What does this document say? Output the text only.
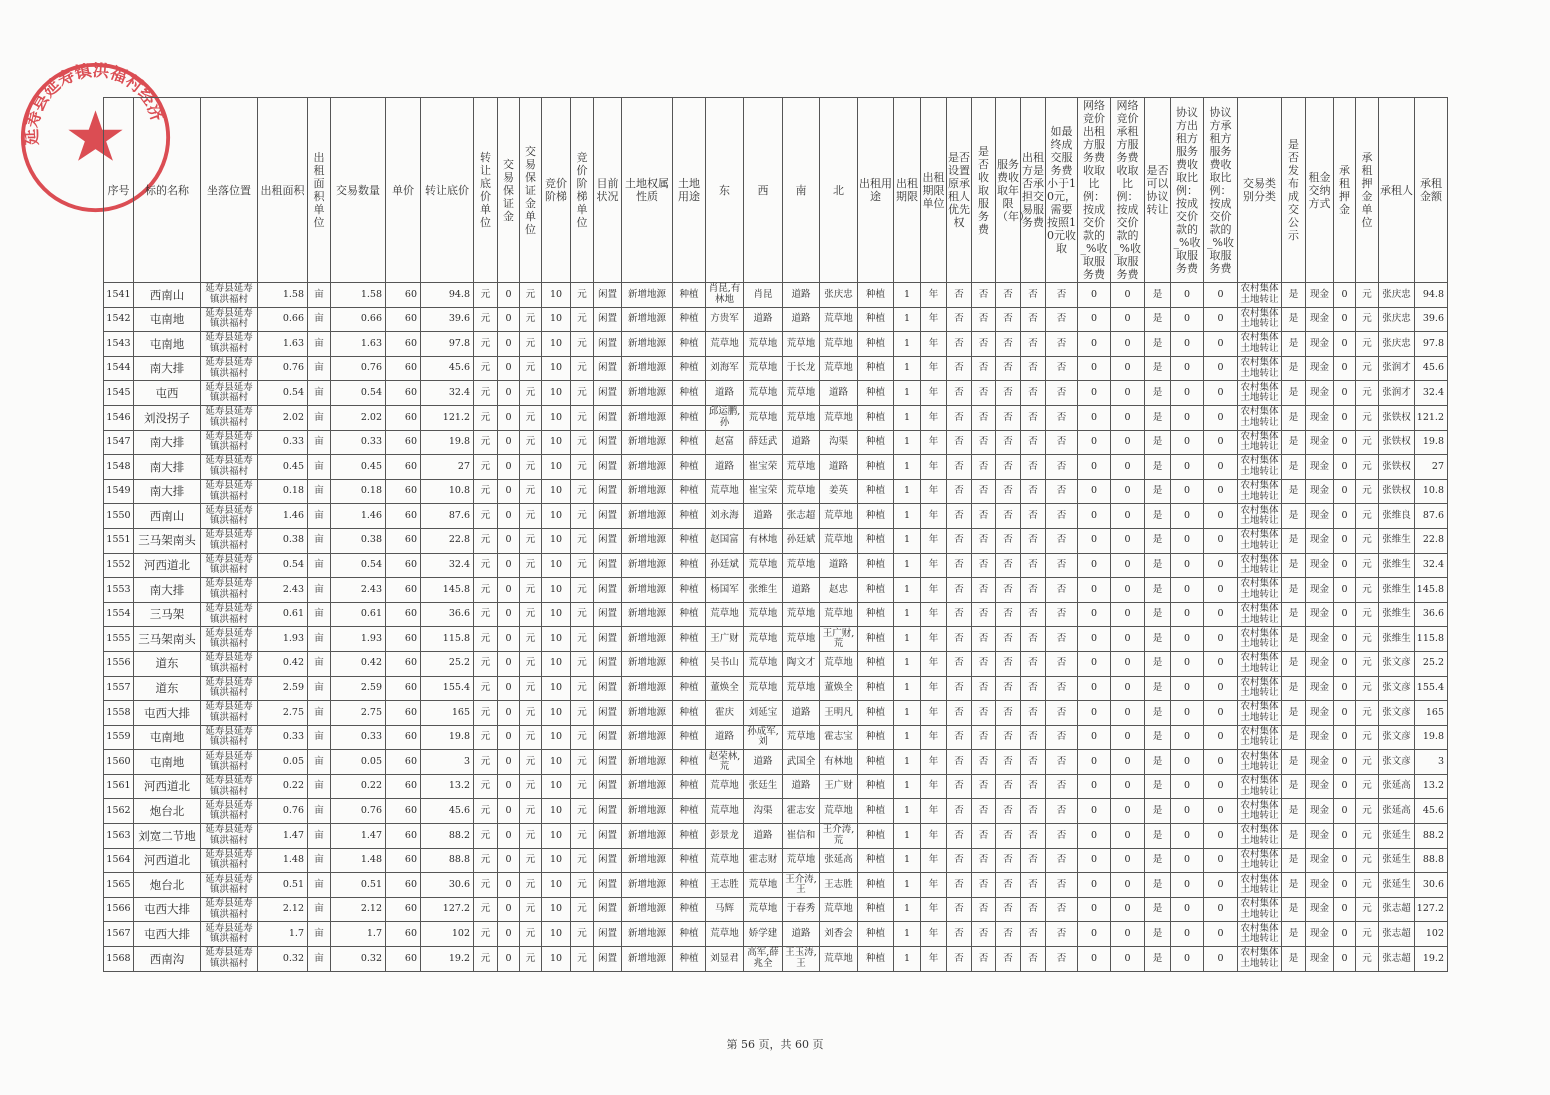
延寿县延寿镇洪福村经济
序号	标的名称	坐落位置	出租面积	出租面积单位	交易数量	单价	转让底价	转让底价单位	交易保证金	交易保证金单位	竞价阶梯	竞价阶梯单位	目前状况	土地权属性质	土地用途	东	西	南	北	出租用途	出租期限	出租期限单位	是否设置原承租人优先权	是否收取服务费	服务费收取年限（年）	出租方是否承担交易服务费	如最终成交服务费小于10元，需要按照10元收取	网络竞价出租方服务费收取比例：按成交价款的_%收取服务费	网络竞价承租方服务费收取比例：按成交价款的_%收取服务费	是否可以协议转让	协议方出租方服务费收取比例：按成交价款的_%收取服务费	协议方承租方服务费收取比例：按成交价款的_%收取服务费	交易类别分类	是否发布成交公示	租金交纳方式	承租押金	承租押金单位	承租人	承租金额
1541	西南山	延寿县延寿镇洪福村	1.58	亩	1.58	60	94.8	元	0	元	10	元	闲置	新增地源	种植	肖昆,有林地	肖昆	道路	张庆忠	种植	1	年	否	否	否	否	否	0	0	是	0	0	农村集体土地转让	是	现金	0	元	张庆忠	94.8
1542	屯南地	延寿县延寿镇洪福村	0.66	亩	0.66	60	39.6	元	0	元	10	元	闲置	新增地源	种植	方贵军	道路	道路	荒草地	种植	1	年	否	否	否	否	否	0	0	是	0	0	农村集体土地转让	是	现金	0	元	张庆忠	39.6
1543	屯南地	延寿县延寿镇洪福村	1.63	亩	1.63	60	97.8	元	0	元	10	元	闲置	新增地源	种植	荒草地	荒草地	荒草地	荒草地	种植	1	年	否	否	否	否	否	0	0	是	0	0	农村集体土地转让	是	现金	0	元	张庆忠	97.8
1544	南大排	延寿县延寿镇洪福村	0.76	亩	0.76	60	45.6	元	0	元	10	元	闲置	新增地源	种植	刘海军	荒草地	于长龙	荒草地	种植	1	年	否	否	否	否	否	0	0	是	0	0	农村集体土地转让	是	现金	0	元	张润才	45.6
1545	屯西	延寿县延寿镇洪福村	0.54	亩	0.54	60	32.4	元	0	元	10	元	闲置	新增地源	种植	道路	荒草地	荒草地	道路	种植	1	年	否	否	否	否	否	0	0	是	0	0	农村集体土地转让	是	现金	0	元	张润才	32.4
1546	刘没拐子	延寿县延寿镇洪福村	2.02	亩	2.02	60	121.2	元	0	元	10	元	闲置	新增地源	种植	邱运鹏,孙	荒草地	荒草地	荒草地	种植	1	年	否	否	否	否	否	0	0	是	0	0	农村集体土地转让	是	现金	0	元	张铁权	121.2
1547	南大排	延寿县延寿镇洪福村	0.33	亩	0.33	60	19.8	元	0	元	10	元	闲置	新增地源	种植	赵富	薛廷武	道路	沟渠	种植	1	年	否	否	否	否	否	0	0	是	0	0	农村集体土地转让	是	现金	0	元	张铁权	19.8
1548	南大排	延寿县延寿镇洪福村	0.45	亩	0.45	60	27	元	0	元	10	元	闲置	新增地源	种植	道路	崔宝荣	荒草地	道路	种植	1	年	否	否	否	否	否	0	0	是	0	0	农村集体土地转让	是	现金	0	元	张铁权	27
1549	南大排	延寿县延寿镇洪福村	0.18	亩	0.18	60	10.8	元	0	元	10	元	闲置	新增地源	种植	荒草地	崔宝荣	荒草地	姜英	种植	1	年	否	否	否	否	否	0	0	是	0	0	农村集体土地转让	是	现金	0	元	张铁权	10.8
1550	西南山	延寿县延寿镇洪福村	1.46	亩	1.46	60	87.6	元	0	元	10	元	闲置	新增地源	种植	刘永海	道路	张志超	荒草地	种植	1	年	否	否	否	否	否	0	0	是	0	0	农村集体土地转让	是	现金	0	元	张维良	87.6
1551	三马架南头	延寿县延寿镇洪福村	0.38	亩	0.38	60	22.8	元	0	元	10	元	闲置	新增地源	种植	赵国富	有林地	孙廷斌	荒草地	种植	1	年	否	否	否	否	否	0	0	是	0	0	农村集体土地转让	是	现金	0	元	张维生	22.8
1552	河西道北	延寿县延寿镇洪福村	0.54	亩	0.54	60	32.4	元	0	元	10	元	闲置	新增地源	种植	孙廷斌	荒草地	荒草地	道路	种植	1	年	否	否	否	否	否	0	0	是	0	0	农村集体土地转让	是	现金	0	元	张维生	32.4
1553	南大排	延寿县延寿镇洪福村	2.43	亩	2.43	60	145.8	元	0	元	10	元	闲置	新增地源	种植	杨国军	张维生	道路	赵忠	种植	1	年	否	否	否	否	否	0	0	是	0	0	农村集体土地转让	是	现金	0	元	张维生	145.8
1554	三马架	延寿县延寿镇洪福村	0.61	亩	0.61	60	36.6	元	0	元	10	元	闲置	新增地源	种植	荒草地	荒草地	荒草地	荒草地	种植	1	年	否	否	否	否	否	0	0	是	0	0	农村集体土地转让	是	现金	0	元	张维生	36.6
1555	三马架南头	延寿县延寿镇洪福村	1.93	亩	1.93	60	115.8	元	0	元	10	元	闲置	新增地源	种植	王广财	荒草地	荒草地	王广财,荒	种植	1	年	否	否	否	否	否	0	0	是	0	0	农村集体土地转让	是	现金	0	元	张维生	115.8
1556	道东	延寿县延寿镇洪福村	0.42	亩	0.42	60	25.2	元	0	元	10	元	闲置	新增地源	种植	吴书山	荒草地	陶文才	荒草地	种植	1	年	否	否	否	否	否	0	0	是	0	0	农村集体土地转让	是	现金	0	元	张文彦	25.2
1557	道东	延寿县延寿镇洪福村	2.59	亩	2.59	60	155.4	元	0	元	10	元	闲置	新增地源	种植	董焕全	荒草地	荒草地	董焕全	种植	1	年	否	否	否	否	否	0	0	是	0	0	农村集体土地转让	是	现金	0	元	张文彦	155.4
1558	屯西大排	延寿县延寿镇洪福村	2.75	亩	2.75	60	165	元	0	元	10	元	闲置	新增地源	种植	霍庆	刘延宝	道路	王明凡	种植	1	年	否	否	否	否	否	0	0	是	0	0	农村集体土地转让	是	现金	0	元	张文彦	165
1559	屯南地	延寿县延寿镇洪福村	0.33	亩	0.33	60	19.8	元	0	元	10	元	闲置	新增地源	种植	道路	孙成军,刘	荒草地	霍志宝	种植	1	年	否	否	否	否	否	0	0	是	0	0	农村集体土地转让	是	现金	0	元	张文彦	19.8
1560	屯南地	延寿县延寿镇洪福村	0.05	亩	0.05	60	3	元	0	元	10	元	闲置	新增地源	种植	赵荣林,荒	道路	武国全	有林地	种植	1	年	否	否	否	否	否	0	0	是	0	0	农村集体土地转让	是	现金	0	元	张文彦	3
1561	河西道北	延寿县延寿镇洪福村	0.22	亩	0.22	60	13.2	元	0	元	10	元	闲置	新增地源	种植	荒草地	张廷生	道路	王广财	种植	1	年	否	否	否	否	否	0	0	是	0	0	农村集体土地转让	是	现金	0	元	张延高	13.2
1562	炮台北	延寿县延寿镇洪福村	0.76	亩	0.76	60	45.6	元	0	元	10	元	闲置	新增地源	种植	荒草地	沟渠	霍志安	荒草地	种植	1	年	否	否	否	否	否	0	0	是	0	0	农村集体土地转让	是	现金	0	元	张延高	45.6
1563	刘宽二节地	延寿县延寿镇洪福村	1.47	亩	1.47	60	88.2	元	0	元	10	元	闲置	新增地源	种植	彭景龙	道路	崔信和	王介涛,荒	种植	1	年	否	否	否	否	否	0	0	是	0	0	农村集体土地转让	是	现金	0	元	张延生	88.2
1564	河西道北	延寿县延寿镇洪福村	1.48	亩	1.48	60	88.8	元	0	元	10	元	闲置	新增地源	种植	荒草地	霍志财	荒草地	张延高	种植	1	年	否	否	否	否	否	0	0	是	0	0	农村集体土地转让	是	现金	0	元	张延生	88.8
1565	炮台北	延寿县延寿镇洪福村	0.51	亩	0.51	60	30.6	元	0	元	10	元	闲置	新增地源	种植	王志胜	荒草地	王介涛,王	王志胜	种植	1	年	否	否	否	否	否	0	0	是	0	0	农村集体土地转让	是	现金	0	元	张延生	30.6
1566	屯西大排	延寿县延寿镇洪福村	2.12	亩	2.12	60	127.2	元	0	元	10	元	闲置	新增地源	种植	马辉	荒草地	于春秀	荒草地	种植	1	年	否	否	否	否	否	0	0	是	0	0	农村集体土地转让	是	现金	0	元	张志超	127.2
1567	屯西大排	延寿县延寿镇洪福村	1.7	亩	1.7	60	102	元	0	元	10	元	闲置	新增地源	种植	荒草地	娇学建	道路	刘香会	种植	1	年	否	否	否	否	否	0	0	是	0	0	农村集体土地转让	是	现金	0	元	张志超	102
1568	西南沟	延寿县延寿镇洪福村	0.32	亩	0.32	60	19.2	元	0	元	10	元	闲置	新增地源	种植	刘显君	高军,薛兆全	王玉涛,王	荒草地	种植	1	年	否	否	否	否	否	0	0	是	0	0	农村集体土地转让	是	现金	0	元	张志超	19.2
第 56 页，共 60 页
